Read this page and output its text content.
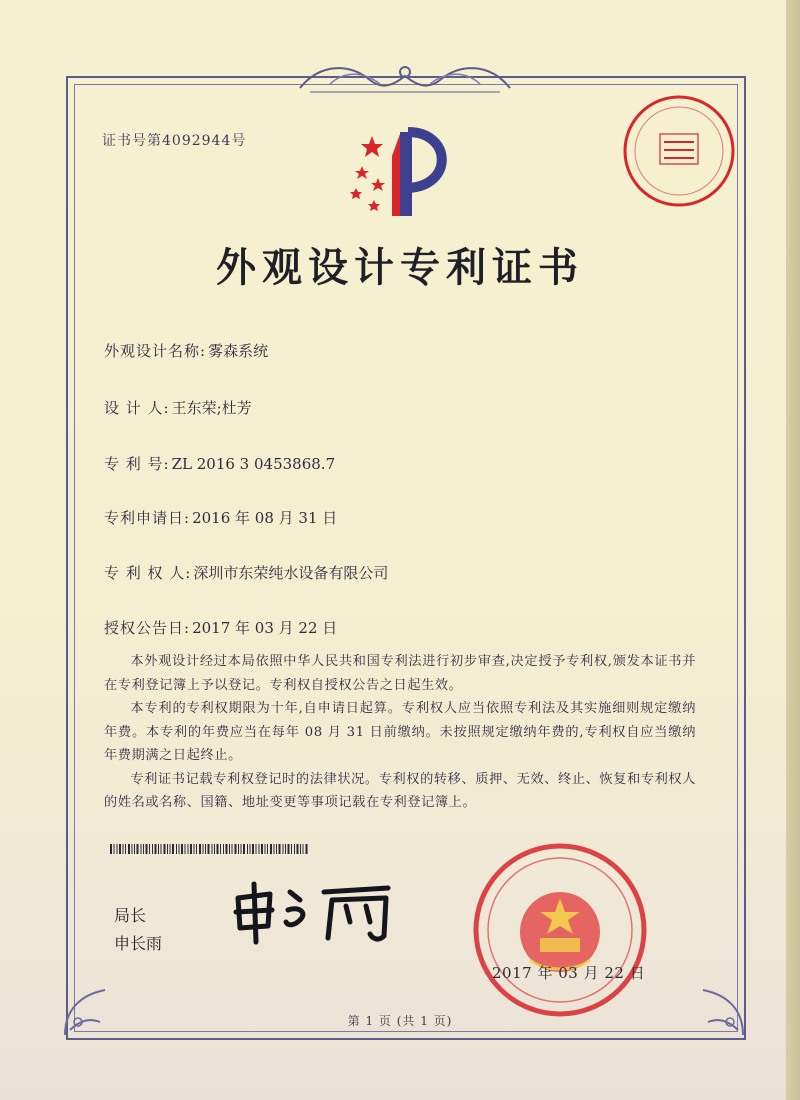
证书号第4092944号
外观设计专利证书
外观设计名称: 雾森系统
设 计 人: 王东荣;杜芳
专 利 号: ZL 2016 3 0453868.7
专利申请日: 2016 年 08 月 31 日
专 利 权 人: 深圳市东荣纯水设备有限公司
授权公告日: 2017 年 03 月 22 日

本外观设计经过本局依照中华人民共和国专利法进行初步审查,决定授予专利权,颁发本证书并在专利登记簿上予以登记。专利权自授权公告之日起生效。

本专利的专利权期限为十年,自申请日起算。专利权人应当依照专利法及其实施细则规定缴纳年费。本专利的年费应当在每年 08 月 31 日前缴纳。未按照规定缴纳年费的,专利权自应当缴纳年费期满之日起终止。

专利证书记载专利权登记时的法律状况。专利权的转移、质押、无效、终止、恢复和专利权人的姓名或名称、国籍、地址变更等事项记载在专利登记簿上。

局长
申长雨
2017 年 03 月 22 日
第 1 页 (共 1 页)
